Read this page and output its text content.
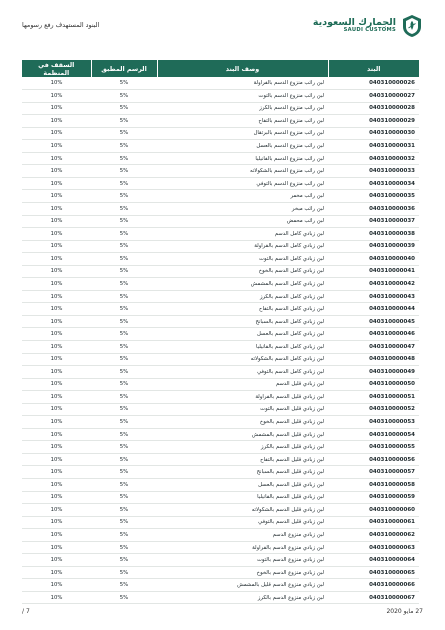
الجمارك السعودية
SAUDI CUSTOMS
البنود المستهدف رفع رسومها
البند	وصف البند	الرسم المطبق	السقف في المنظمة
040310000026	لبن رائب منزوع الدسم بالفراولة	5%	10%
040310000027	لبن رائب منزوع الدسم بالتوت	5%	10%
040310000028	لبن رائب منزوع الدسم بالكرز	5%	10%
040310000029	لبن رائب منزوع الدسم بالتفاح	5%	10%
040310000030	لبن رائب منزوع الدسم بالبرتقال	5%	10%
040310000031	لبن رائب منزوع الدسم بالعسل	5%	10%
040310000032	لبن رائب منزوع الدسم بالفانيليا	5%	10%
040310000033	لبن رائب منزوع الدسم بالشكولاته	5%	10%
040310000034	لبن رائب منزوع الدسم بالتوفي	5%	10%
040310000035	لبن رائب مخمر	5%	10%
040310000036	لبن رائب مبخر	5%	10%
040310000037	لبن رائب محمض	5%	10%
040310000038	لبن زبادي كامل الدسم	5%	10%
040310000039	لبن زبادي كامل الدسم بالفراولة	5%	10%
040310000040	لبن زبادي كامل الدسم بالتوت	5%	10%
040310000041	لبن زبادي كامل الدسم بالخوخ	5%	10%
040310000042	لبن زبادي كامل الدسم بالمشمش	5%	10%
040310000043	لبن زبادي كامل الدسم بالكرز	5%	10%
040310000044	لبن زبادي كامل الدسم بالتفاح	5%	10%
040310000045	لبن زبادي كامل الدسم بالسبانخ	5%	10%
040310000046	لبن زبادي كامل الدسم بالعسل	5%	10%
040310000047	لبن زبادي كامل الدسم بالفانيليا	5%	10%
040310000048	لبن زبادي كامل الدسم بالشكولاته	5%	10%
040310000049	لبن زبادي كامل الدسم بالتوفي	5%	10%
040310000050	لبن زبادي قليل الدسم	5%	10%
040310000051	لبن زبادي قليل الدسم بالفراولة	5%	10%
040310000052	لبن زبادي قليل الدسم بالتوت	5%	10%
040310000053	لبن زبادي قليل الدسم بالخوخ	5%	10%
040310000054	لبن زبادي قليل الدسم بالمشمش	5%	10%
040310000055	لبن زبادي قليل الدسم بالكرز	5%	10%
040310000056	لبن زبادي قليل الدسم بالتفاح	5%	10%
040310000057	لبن زبادي قليل الدسم بالسبانخ	5%	10%
040310000058	لبن زبادي قليل الدسم بالعسل	5%	10%
040310000059	لبن زبادي قليل الدسم بالفانيليا	5%	10%
040310000060	لبن زبادي قليل الدسم بالشكولاته	5%	10%
040310000061	لبن زبادي قليل الدسم بالتوفي	5%	10%
040310000062	لبن زبادي منزوع الدسم	5%	10%
040310000063	لبن زبادي منزوع الدسم بالفراولة	5%	10%
040310000064	لبن زبادي منزوع الدسم بالتوت	5%	10%
040310000065	لبن زبادي منزوع الدسم بالخوخ	5%	10%
040310000066	لبن زبادي منزوع الدسم قليل بالمشمش	5%	10%
040310000067	لبن زبادي منزوع الدسم بالكرز	5%	10%
27 مايو 2020
7 /
